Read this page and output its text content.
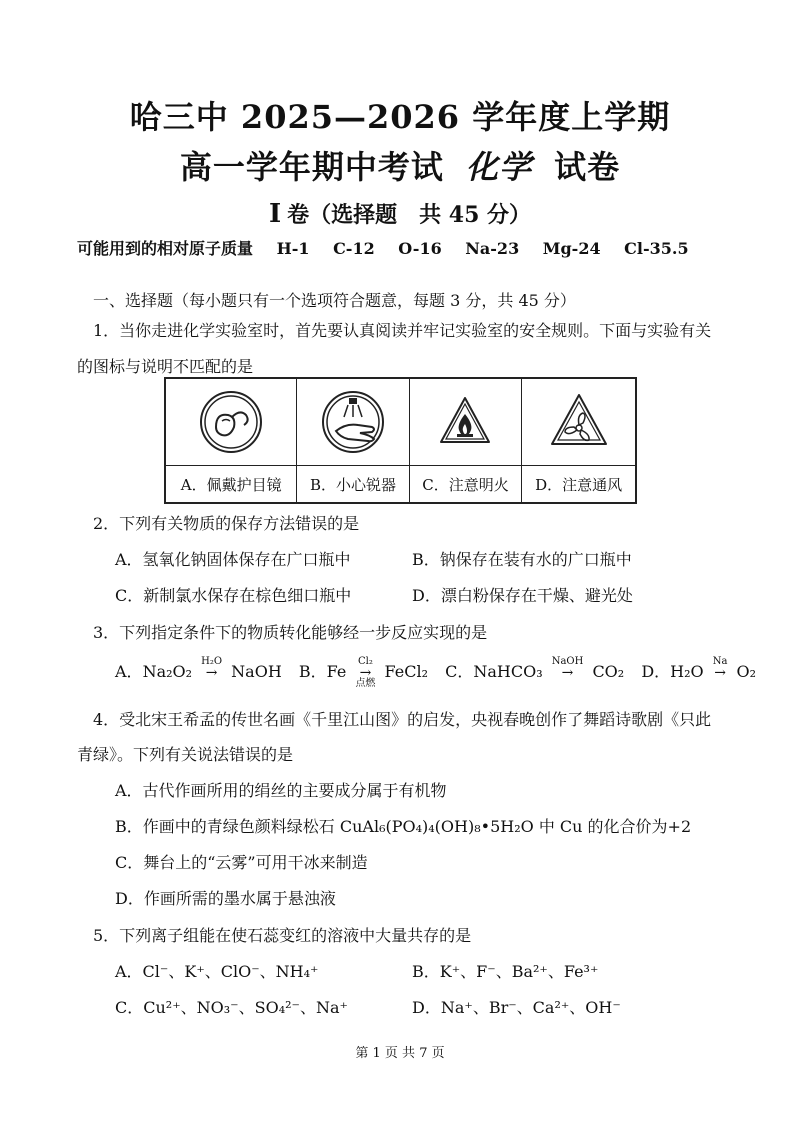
哈三中 2025—2026 学年度上学期
高一学年期中考试 化学 试卷
I 卷（选择题　共 45 分）
可能用到的相对原子质量 H-1 C-12 O-16 Na-23 Mg-24 Cl-35.5
一、选择题（每小题只有一个选项符合题意，每题 3 分，共 45 分）
1．当你走进化学实验室时，首先要认真阅读并牢记实验室的安全规则。下面与实验有关
的图标与说明不匹配的是

A．佩戴护目镜	B．小心锐器	C．注意明火	D．注意通风
2．下列有关物质的保存方法错误的是
A．氢氧化钠固体保存在广口瓶中	B．钠保存在装有水的广口瓶中
C．新制氯水保存在棕色细口瓶中	D．漂白粉保存在干燥、避光处
3．下列指定条件下的物质转化能够经一步反应实现的是
A．Na₂O₂
H₂O
→
NaOH B．Fe
Cl₂
→
点燃
FeCl₂ C．NaHCO₃
NaOH
→
	CO₂ D．H₂O
Na
→
O₂
4．受北宋王希孟的传世名画《千里江山图》的启发，央视春晚创作了舞蹈诗歌剧《只此
青绿》。下列有关说法错误的是
A．古代作画所用的绢丝的主要成分属于有机物
B．作画中的青绿色颜料绿松石 CuAl₆(PO₄)₄(OH)₈•5H₂O 中 Cu 的化合价为+2
C．舞台上的“云雾”可用干冰来制造
D．作画所需的墨水属于悬浊液
5．下列离子组能在使石蕊变红的溶液中大量共存的是
A．Cl⁻、K⁺、ClO⁻、NH₄⁺	B．K⁺、F⁻、Ba²⁺、Fe³⁺
C．Cu²⁺、NO₃⁻、SO₄²⁻、Na⁺	D．Na⁺、Br⁻、Ca²⁺、OH⁻
第 1 页 共 7 页
